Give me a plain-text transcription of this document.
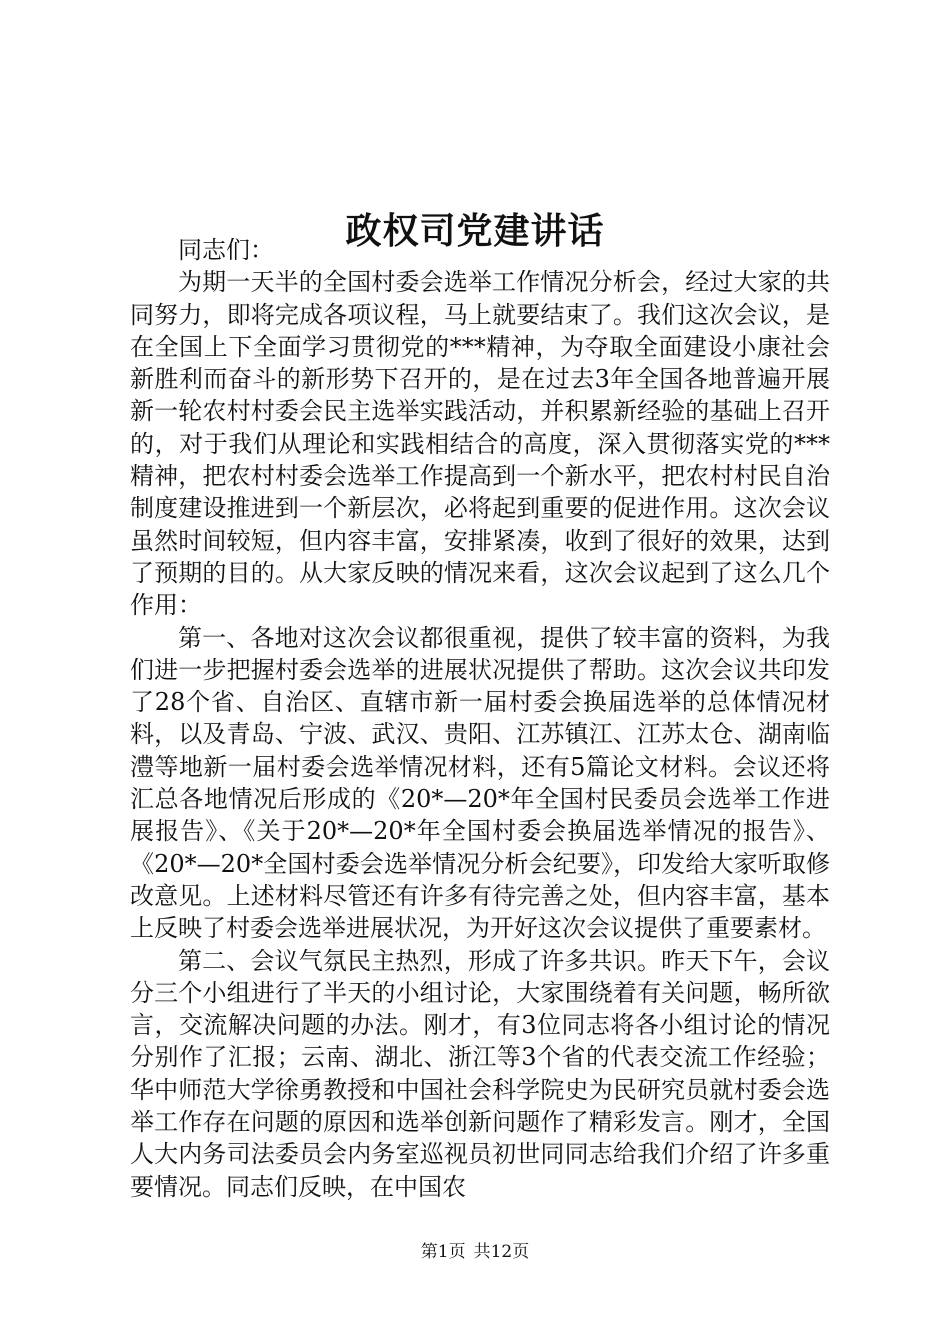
政权司党建讲话

同志们：

为期一天半的全国村委会选举工作情况分析会，经过大家的共同努力，即将完成各项议程，马上就要结束了。我们这次会议，是在全国上下全面学习贯彻党的***精神，为夺取全面建设小康社会新胜利而奋斗的新形势下召开的，是在过去3年全国各地普遍开展新一轮农村村委会民主选举实践活动，并积累新经验的基础上召开的，对于我们从理论和实践相结合的高度，深入贯彻落实党的***精神，把农村村委会选举工作提高到一个新水平，把农村村民自治制度建设推进到一个新层次，必将起到重要的促进作用。这次会议虽然时间较短，但内容丰富，安排紧凑，收到了很好的效果，达到了预期的目的。从大家反映的情况来看，这次会议起到了这么几个作用：

第一、各地对这次会议都很重视，提供了较丰富的资料，为我们进一步把握村委会选举的进展状况提供了帮助。这次会议共印发了28个省、自治区、直辖市新一届村委会换届选举的总体情况材料，以及青岛、宁波、武汉、贵阳、江苏镇江、江苏太仓、湖南临澧等地新一届村委会选举情况材料，还有5篇论文材料。会议还将汇总各地情况后形成的《20*—20*年全国村民委员会选举工作进展报告》、《关于20*—20*年全国村委会换届选举情况的报告》、《20*—20*全国村委会选举情况分析会纪要》，印发给大家听取修改意见。上述材料尽管还有许多有待完善之处，但内容丰富，基本上反映了村委会选举进展状况，为开好这次会议提供了重要素材。

第二、会议气氛民主热烈，形成了许多共识。昨天下午，会议分三个小组进行了半天的小组讨论，大家围绕着有关问题，畅所欲言，交流解决问题的办法。刚才，有3位同志将各小组讨论的情况分别作了汇报；云南、湖北、浙江等3个省的代表交流工作经验；华中师范大学徐勇教授和中国社会科学院史为民研究员就村委会选举工作存在问题的原因和选举创新问题作了精彩发言。刚才，全国人大内务司法委员会内务室巡视员初世同同志给我们介绍了许多重要情况。同志们反映，在中国农

第1页 共12页
